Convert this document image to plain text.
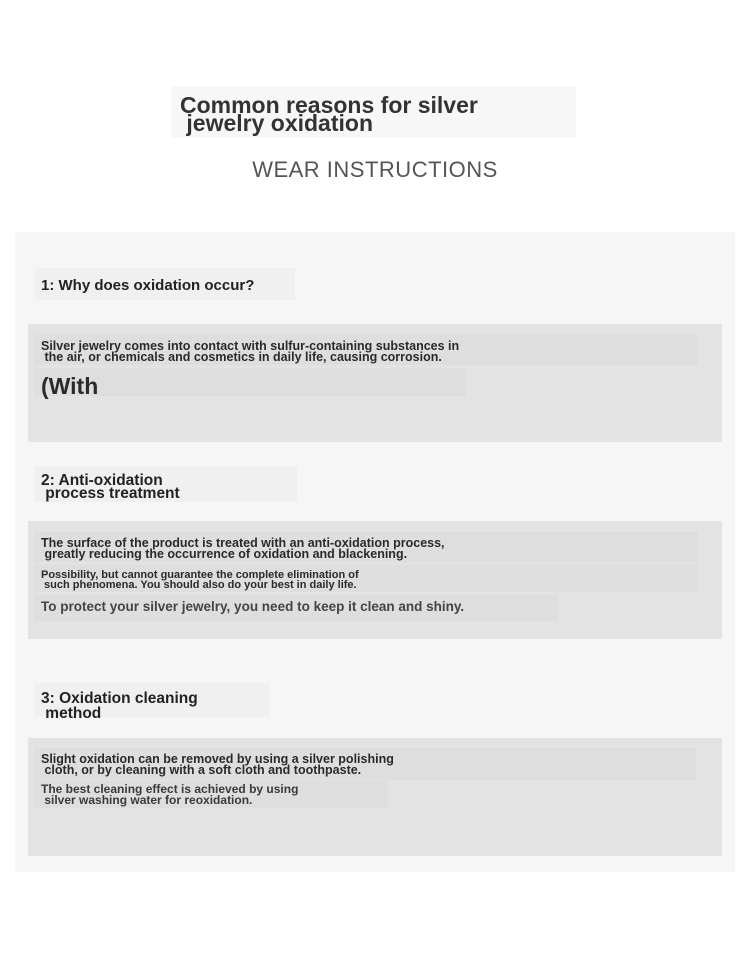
Common reasons for silver
jewelry oxidation
WEAR INSTRUCTIONS
1: Why does oxidation occur?

Silver jewelry comes into contact with sulfur-containing substances in
the air, or chemicals and cosmetics in daily life, causing corrosion.

(With

2: Anti-oxidation
process treatment

The surface of the product is treated with an anti-oxidation process,
greatly reducing the occurrence of oxidation and blackening.

Possibility, but cannot guarantee the complete elimination of
such phenomena. You should also do your best in daily life.

To protect your silver jewelry, you need to keep it clean and shiny.

3: Oxidation cleaning
method

Slight oxidation can be removed by using a silver polishing
cloth, or by cleaning with a soft cloth and toothpaste.

The best cleaning effect is achieved by using
silver washing water for reoxidation.
